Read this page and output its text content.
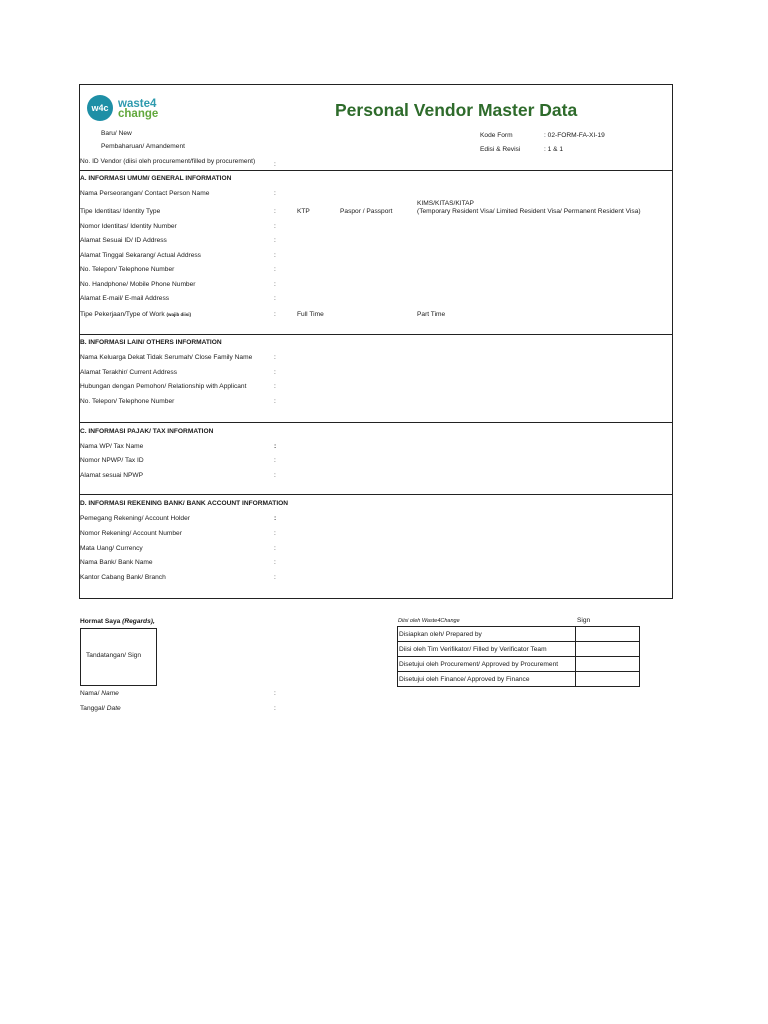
w4c waste4
change	Personal Vendor Master Data
Baru/ New
Pembaharuan/ Amandement
No. ID Vendor (diisi oleh procurement/filled by procurement)	:
Kode Form	: 02-FORM-FA-XI-19
Edisi & Revisi	: 1 & 1
A. INFORMASI UMUM/ GENERAL INFORMATION
Nama Perseorangan/ Contact Person Name	:
Tipe Identitas/ Identity Type	:	KTP	Paspor / Passport
KIMS/KITAS/KITAP
(Temporary Resident Visa/ Limited Resident Visa/ Permanent Resident Visa)
Nomor Identitas/ Identity Number	:
Alamat Sesuai ID/ ID Address	:
Alamat Tinggal Sekarang/ Actual Address	:
No. Telepon/ Telephone Number	:
No. Handphone/ Mobile Phone Number	:
Alamat E-mail/ E-mail Address	:
Tipe Pekerjaan/Type of Work (wajib diisi)	:	Full Time	Part Time
B. INFORMASI LAIN/ OTHERS INFORMATION
Nama Keluarga Dekat Tidak Serumah/ Close Family Name	:
Alamat Terakhir/ Current Address	:
Hubungan dengan Pemohon/ Relationship with Applicant	:
No. Telepon/ Telephone Number	:
C. INFORMASI PAJAK/ TAX INFORMATION
Nama WP/ Tax Name	:
Nomor NPWP/ Tax ID	:
Alamat sesuai NPWP	:
D. INFORMASI REKENING BANK/ BANK ACCOUNT INFORMATION
Pemegang Rekening/ Account Holder	:
Nomor Rekening/ Account Number	:
Mata Uang/ Currency	:
Nama Bank/ Bank Name	:
Kantor Cabang Bank/ Branch	:
Hormat Saya (Regards),
Tandatangan/ Sign
Nama/ Name	:
Tanggal/ Date	:
Diisi oleh Waste4Change	Sign
Disiapkan oleh/ Prepared by
Diisi oleh Tim Verifikator/ Filled by Verificator Team
Disetujui oleh Procurement/ Approved by Procurement
Disetujui oleh Finance/ Approved by Finance
